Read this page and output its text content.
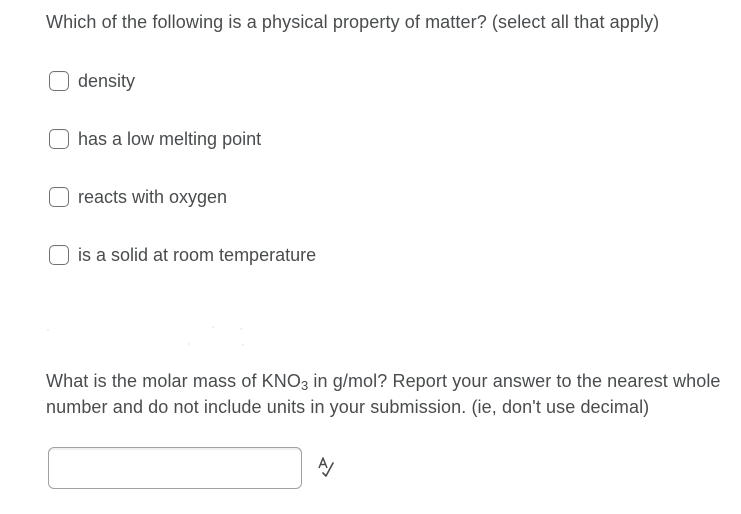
Which of the following is a physical property of matter? (select all that apply)
density
has a low melting point
reacts with oxygen
is a solid at room temperature
What is the molar mass of $KNO_3$ in g/mol? Report your answer to the nearest whole number and do not include units in your submission. (ie, don't use decimal)
